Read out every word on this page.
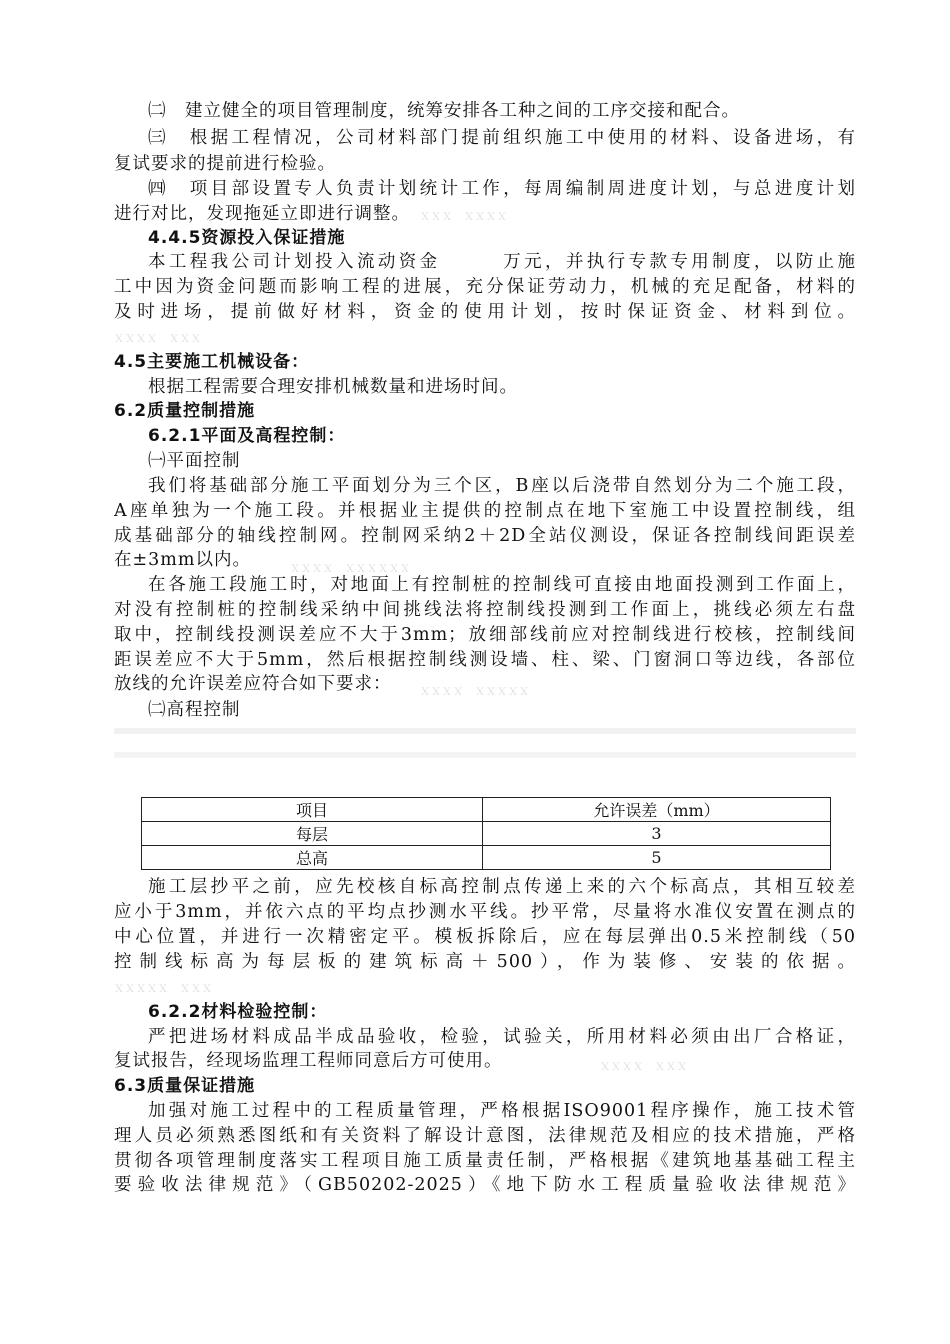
ＸＸＸ　ＸＸＸＸ
ＸＸＸＸ　ＸＸＸ
ＸＸＸＸ　ＸＸＸＸＸＸ
ＸＸＸＸ　ＸＸＸＸＸ
ＸＸＸＸＸ　ＸＸＸ
ＸＸＸＸ　ＸＸＸ
㈡　建立健全的项目管理制度，统筹安排各工种之间的工序交接和配合。
㈢　根据工程情况，公司材料部门提前组织施工中使用的材料、设备进场，有
复试要求的提前进行检验。
㈣　项目部设置专人负责计划统计工作，每周编制周进度计划，与总进度计划
进行对比，发现拖延立即进行调整。
4.4.5资源投入保证措施
本工程我公司计划投入流动资金　　　万元，并执行专款专用制度，以防止施
工中因为资金问题而影响工程的进展，充分保证劳动力，机械的充足配备，材料的
及时进场，提前做好材料，资金的使用计划，按时保证资金、材料到位。
4.5主要施工机械设备：
根据工程需要合理安排机械数量和进场时间。
6.2质量控制措施
6.2.1平面及高程控制：
㈠平面控制
我们将基础部分施工平面划分为三个区，B座以后浇带自然划分为二个施工段，
A座单独为一个施工段。并根据业主提供的控制点在地下室施工中设置控制线，组
成基础部分的轴线控制网。控制网采纳2＋2D全站仪测设，保证各控制线间距误差
在±3mm以内。
在各施工段施工时，对地面上有控制桩的控制线可直接由地面投测到工作面上，
对没有控制桩的控制线采纳中间挑线法将控制线投测到工作面上，挑线必须左右盘
取中，控制线投测误差应不大于3mm；放细部线前应对控制线进行校核，控制线间
距误差应不大于5mm，然后根据控制线测设墙、柱、梁、门窗洞口等边线，各部位
放线的允许误差应符合如下要求：
㈡高程控制
项目	允许误差（mm）
每层	3
总高	5
施工层抄平之前，应先校核自标高控制点传递上来的六个标高点，其相互较差
应小于3mm，并依六点的平均点抄测水平线。抄平常，尽量将水准仪安置在测点的
中心位置，并进行一次精密定平。模板拆除后，应在每层弹出0.5米控制线（50
控制线标高为每层板的建筑标高＋500），作为装修、安装的依据。
6.2.2材料检验控制：
严把进场材料成品半成品验收，检验，试验关，所用材料必须由出厂合格证，
复试报告，经现场监理工程师同意后方可使用。
6.3质量保证措施
加强对施工过程中的工程质量管理，严格根据ISO9001程序操作，施工技术管
理人员必须熟悉图纸和有关资料了解设计意图，法律规范及相应的技术措施，严格
贯彻各项管理制度落实工程项目施工质量责任制，严格根据《建筑地基基础工程主
要验收法律规范》（GB50202-2025）《地下防水工程质量验收法律规范》
